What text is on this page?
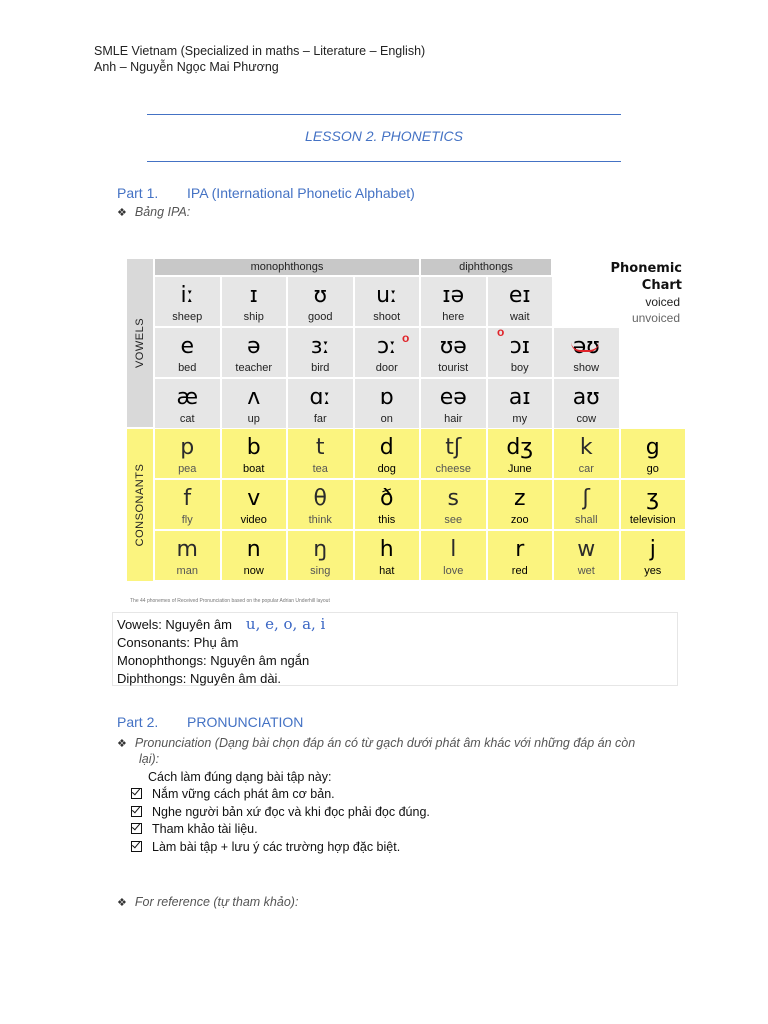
SMLE Vietnam (Specialized in maths – Literature – English)
Anh – Nguyễn Ngọc Mai Phương
LESSON 2. PHONETICS
Part 1. IPA (International Phonetic Alphabet)
❖ Bảng IPA:
monophthongs	diphthongs
VOWELS
CONSONANTS
iː
sheep
ɪ
ship
ʊ
good
uː
shoot
ɪə
here
eɪ
wait
e
bed
ə
teacher
ɜː
bird
ɔː
door
ʊə
tourist
ɔɪ
boy
əʊ
show
æ
cat
ʌ
up
ɑː
far
ɒ
on
eə
hair
aɪ
my
aʊ
cow
p
pea
b
boat
t
tea
d
dog
tʃ
cheese
dʒ
June
k
car
g
go
f
fly
v
video
θ
think
ð
this
s
see
z
zoo
ʃ
shall
ʒ
television
m
man
n
now
ŋ
sing
h
hat
l
love
r
red
w
wet
j
yes
Phonemic
Chart
voiced
unvoiced
o	o
The 44 phonemes of Received Pronunciation based on the popular Adrian Underhill layout
Vowels: Nguyên âm u, e, o, a, i
Consonants: Phụ âm
Monophthongs: Nguyên âm ngắn
Diphthongs: Nguyên âm dài.
Part 2. PRONUNCIATION
❖ Pronunciation (Dạng bài chọn đáp án có từ gạch dưới phát âm khác với những đáp án còn
lại):
Cách làm đúng dạng bài tập này:
Nắm vững cách phát âm cơ bản.
Nghe người bản xứ đọc và khi đọc phải đọc đúng.
Tham khảo tài liệu.
Làm bài tập + lưu ý các trường hợp đặc biệt.
❖ For reference (tự tham khảo):
